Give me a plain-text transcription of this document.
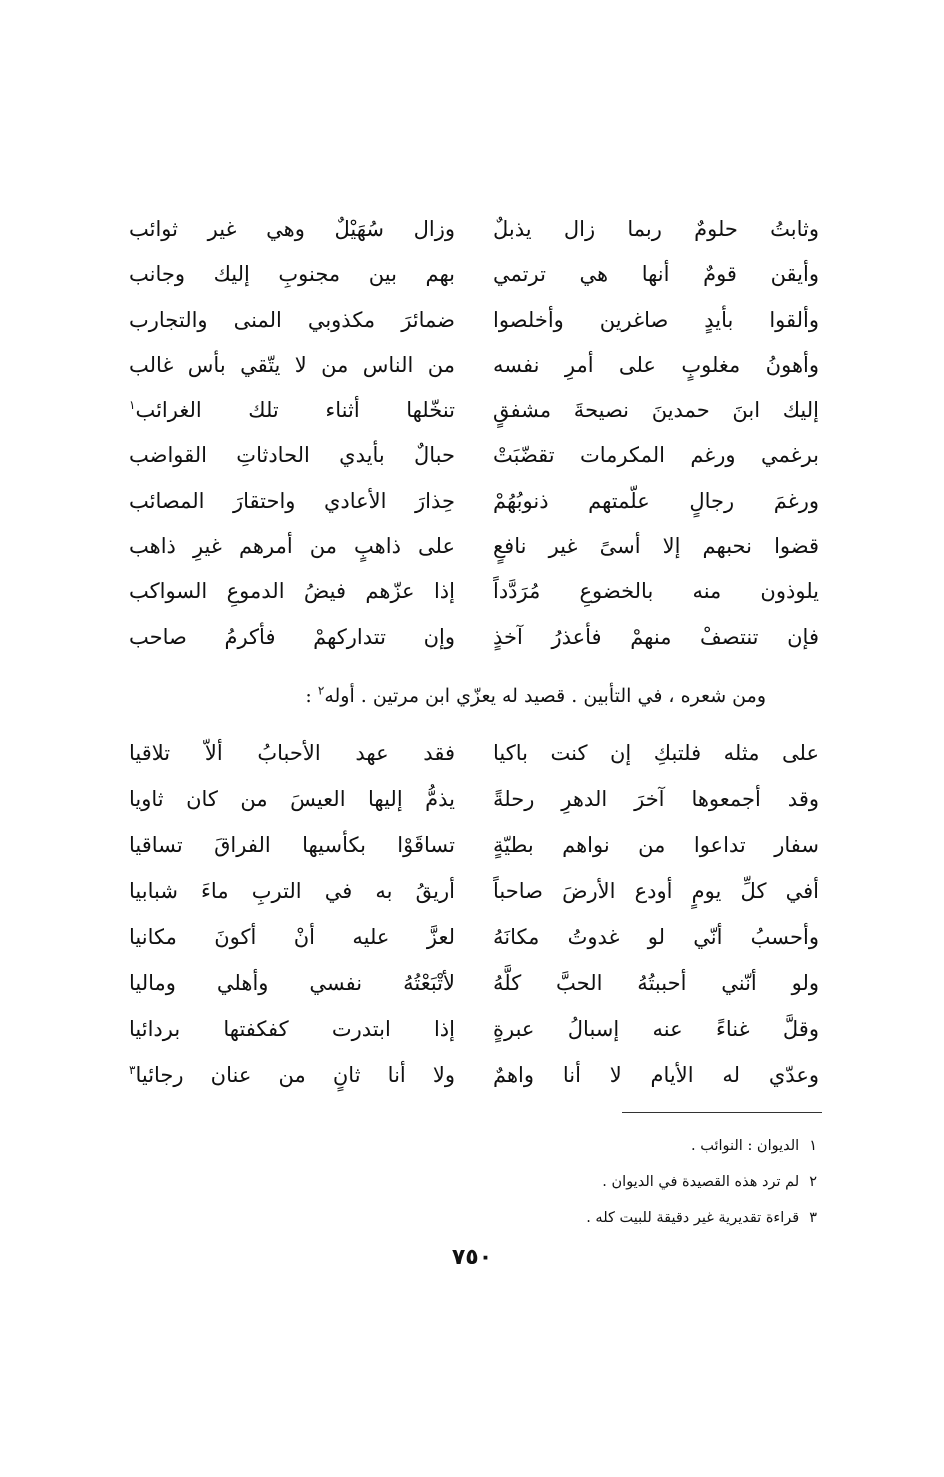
وثابتُ حلومٌ ربما زال يذبلٌ
وزال سُهَيْلٌ وهي غير ثوائب
وأيقن قومٌ أنها هي ترتمي
بهم بين مجنوبِ إليك وجانب
وألقوا بأيدٍ صاغرين وأخلصوا
ضمائرَ مكذوبي المنى والتجارب
وأهونُ مغلوبٍ على أمرِ نفسه
من الناس من لا يتّقي بأس غالب
إليك ابنَ حمدينَ نصيحةَ مشفقٍ
تنخّلها أثناء تلك الغرائب$^١$
برغمي ورغم المكرمات تقضّبَتْ
حبالٌ بأيدي الحادثاتِ القواضب
ورغمَ رجالٍ علّمتهم ذنوبُهُمْ
حِذارَ الأعادي واحتقارَ المصائب
قضوا نحبهم إلا أسىً غير نافعٍ
على ذاهبٍ من أمرهم غيرِ ذاهب
يلوذون منه بالخضوعِ مُرَدَّداً
إذا عزّهم فيضُ الدموعِ السواكب
فإن تنتصفْ منهمْ فأعذرُ آخذٍ
وإن تتداركهمْ فأكرمُ صاحب
ومن شعره ، في التأبين . قصيد له يعزّي ابن مرتين . أوله$^٢$ :
على مثله فلتبكِ إن كنت باكيا
فقد عهد الأحبابُ ألاّ تلاقيا
وقد أجمعوها آخرَ الدهرِ رحلةً
يذمُّ إليها العيسَ من كان ثاويا
سفار تداعوا من نواهم بطيّةٍ
تساقَوْا بكأسيها الفراقَ تساقيا
أفي كلِّ يومٍ أودع الأرضَ صاحباً
أريقُ به في التربِ ماءَ شبابيا
وأحسبُ أنّي لو غدوتُ مكانَهُ
لعزَّ عليه أنْ أكونَ مكانيا
ولو أنّني أحببتُهُ الحبَّ كلَّهُ
لأتْبَعْتُهُ نفسي وأهلي وماليا
وقلَّ غناءً عنه إسبالُ عبرةٍ
إذا ابتدرت كفكفتها بردائيا
وعدّي له الأيام لا أنا واهمٌ
ولا أنا ثانٍ من عنان رجائيا$^٣$
١الديوان : النوائب .
٢لم ترد هذه القصيدة في الديوان .
٣قراءة تقديرية غير دقيقة للبيت كله .
٧٥٠
